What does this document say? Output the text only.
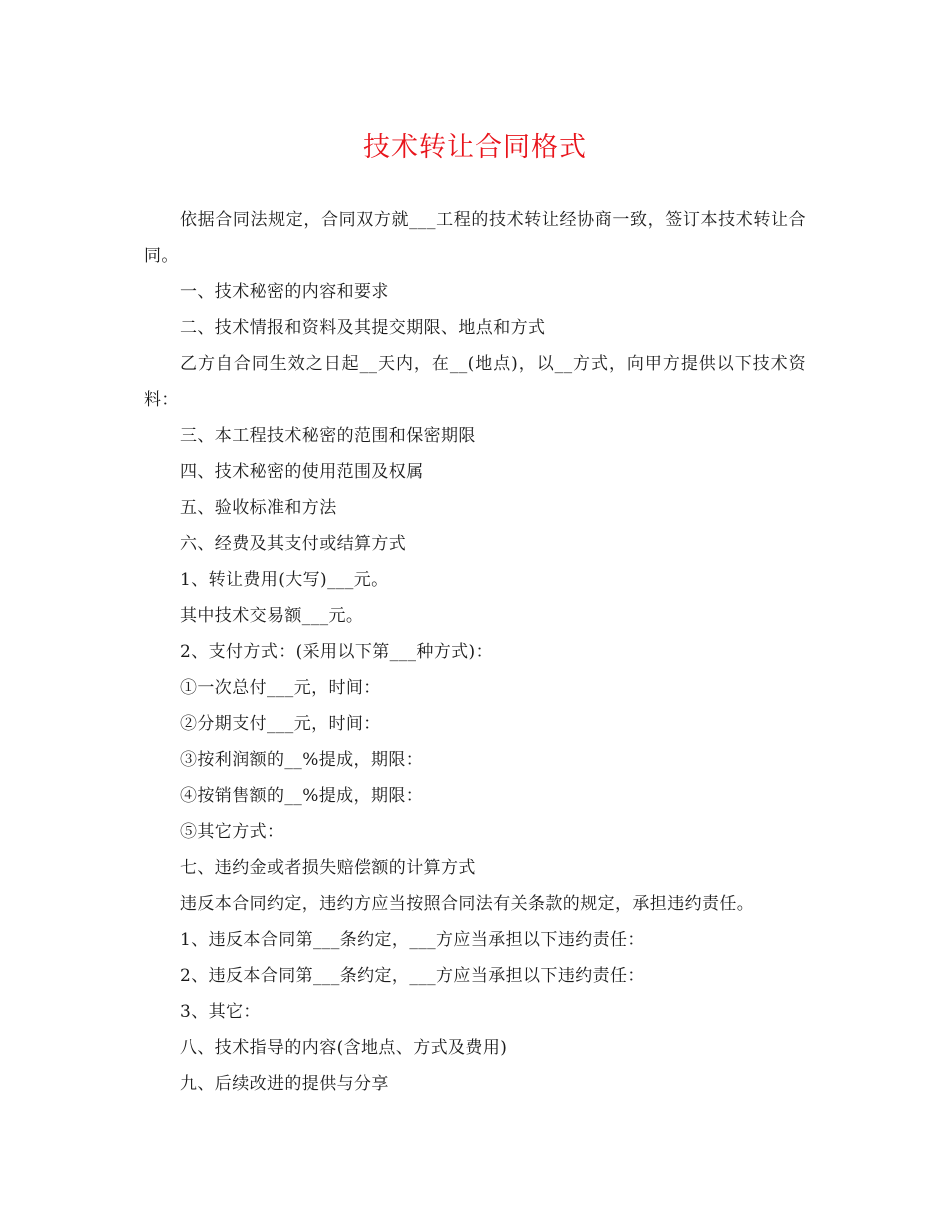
技术转让合同格式

依据合同法规定，合同双方就___工程的技术转让经协商一致，签订本技术转让合同。

一、技术秘密的内容和要求

二、技术情报和资料及其提交期限、地点和方式

乙方自合同生效之日起__天内，在__(地点)，以__方式，向甲方提供以下技术资料：

三、本工程技术秘密的范围和保密期限

四、技术秘密的使用范围及权属

五、验收标准和方法

六、经费及其支付或结算方式

1、转让费用(大写)___元。

其中技术交易额___元。

2、支付方式：(采用以下第___种方式)：

①一次总付___元，时间：

②分期支付___元，时间：

③按利润额的__%提成，期限：

④按销售额的__%提成，期限：

⑤其它方式：

七、违约金或者损失赔偿额的计算方式

违反本合同约定，违约方应当按照合同法有关条款的规定，承担违约责任。

1、违反本合同第___条约定，___方应当承担以下违约责任：

2、违反本合同第___条约定，___方应当承担以下违约责任：

3、其它：

八、技术指导的内容(含地点、方式及费用)

九、后续改进的提供与分享
